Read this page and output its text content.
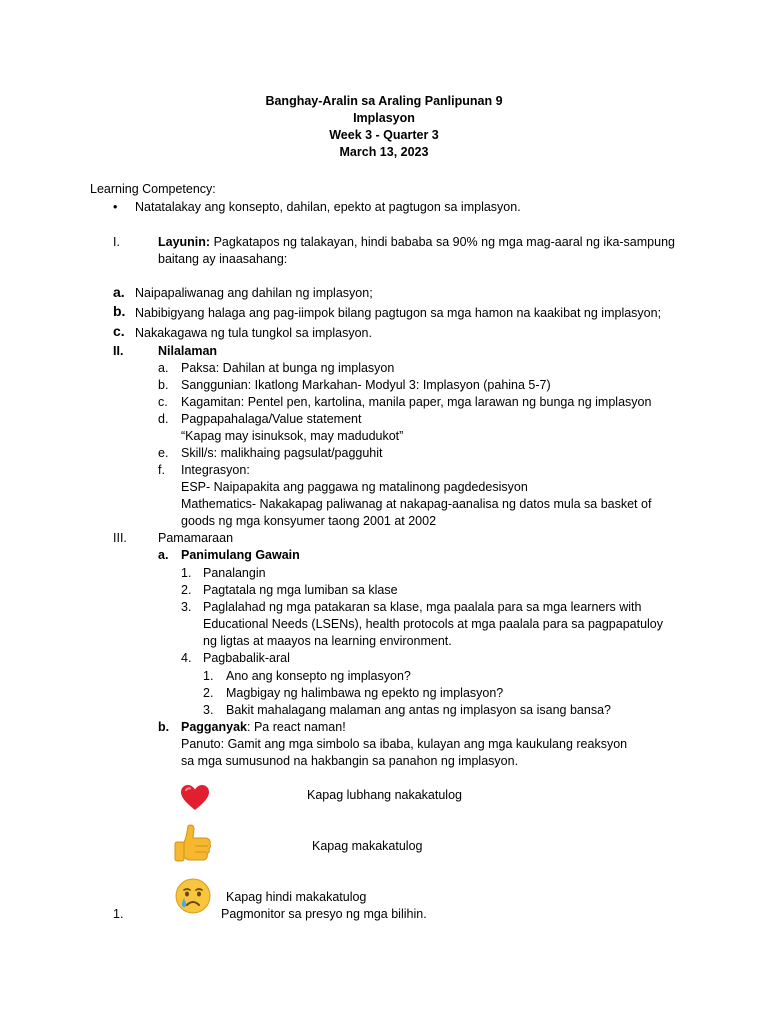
Banghay-Aralin sa Araling Panlipunan 9
Implasyon
Week 3 - Quarter 3
March 13, 2023
Learning Competency:
• Natatalakay ang konsepto, dahilan, epekto at pagtugon sa implasyon.
I.	Layunin: Pagkatapos ng talakayan, hindi bababa sa 90% ng mga mag-aaral ng ika-sampung
baitang ay inaasahang:
a. Naipapaliwanag ang dahilan ng implasyon;
b. Nabibigyang halaga ang pag-iimpok bilang pagtugon sa mga hamon na kaakibat ng implasyon;
c. Nakakagawa ng tula tungkol sa implasyon.
II.	Nilalaman
a. Paksa: Dahilan at bunga ng implasyon
b. Sanggunian: Ikatlong Markahan- Modyul 3: Implasyon (pahina 5-7)
c. Kagamitan: Pentel pen, kartolina, manila paper, mga larawan ng bunga ng implasyon
d. Pagpapahalaga/Value statement
“Kapag may isinuksok, may madudukot”
e. Skill/s: malikhaing pagsulat/pagguhit
f. Integrasyon:
ESP- Naipapakita ang paggawa ng matalinong pagdedesisyon
Mathematics- Nakakapag paliwanag at nakapag-aanalisa ng datos mula sa basket of
goods ng mga konsyumer taong 2001 at 2002
III. Pamamaraan
a. Panimulang Gawain
1. Panalangin
2. Pagtatala ng mga lumiban sa klase
3. Paglalahad ng mga patakaran sa klase, mga paalala para sa mga learners with
Educational Needs (LSENs), health protocols at mga paalala para sa pagpapatuloy
ng ligtas at maayos na learning environment.
4. Pagbabalik-aral
1. Ano ang konsepto ng implasyon?
2. Magbigay ng halimbawa ng epekto ng implasyon?
3. Bakit mahalagang malaman ang antas ng implasyon sa isang bansa?
b. Pagganyak: Pa react naman!
Panuto: Gamit ang mga simbolo sa ibaba, kulayan ang mga kaukulang reaksyon
sa mga sumusunod na hakbangin sa panahon ng implasyon.
Kapag lubhang nakakatulog
Kapag makakatulog
Kapag hindi makakatulog
1.	Pagmonitor sa presyo ng mga bilihin.
